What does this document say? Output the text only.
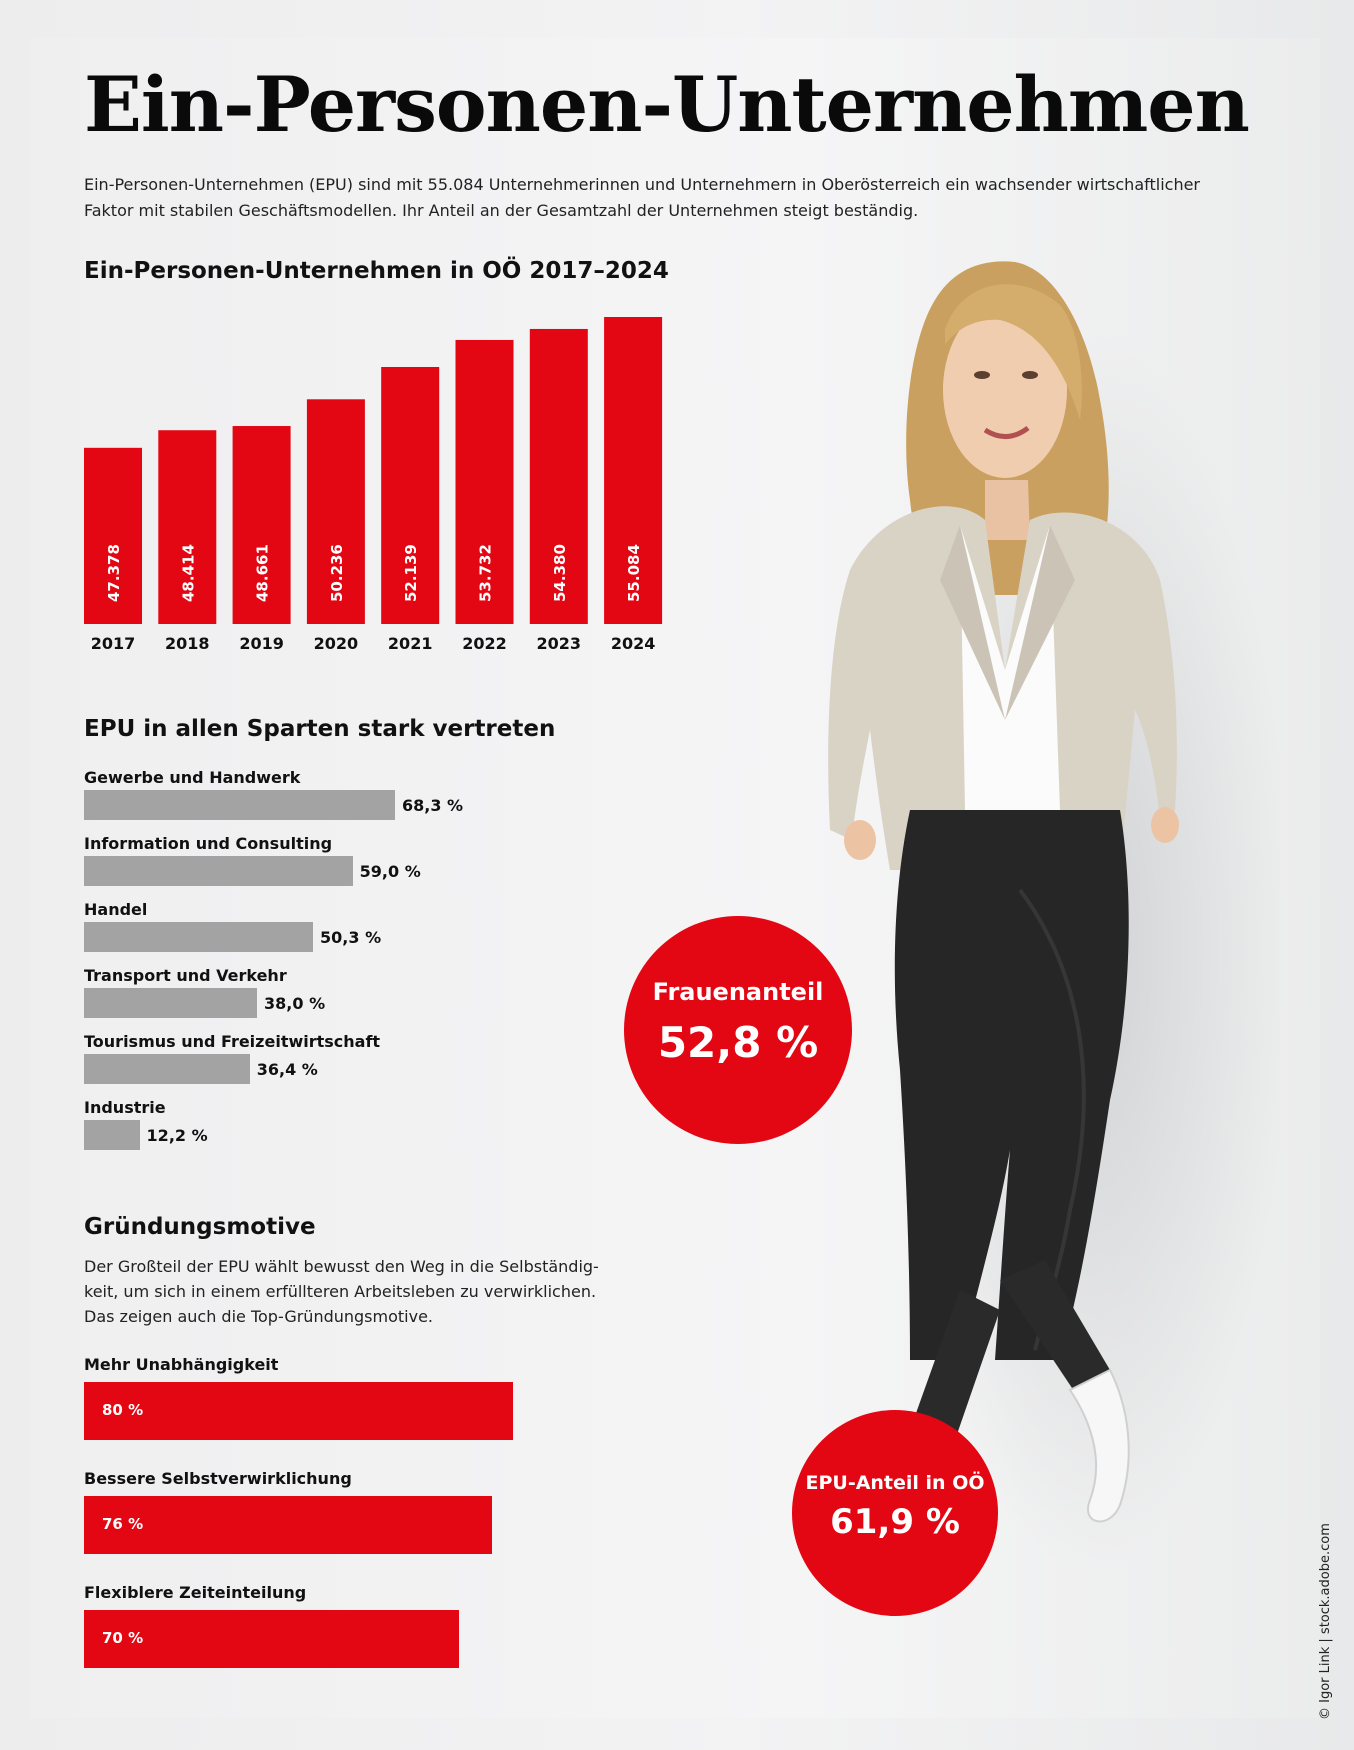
Ein-Personen-Unternehmen

Ein-Personen-Unternehmen (EPU) sind mit 55.084 Unternehmerinnen und Unternehmern in Oberösterreich ein wachsender wirtschaftlicher Faktor mit stabilen Geschäftsmodellen. Ihr Anteil an der Gesamtzahl der Unternehmen steigt beständig.

Ein-Personen-Unternehmen in OÖ 2017–2024
47.378
2017
48.414
2018
48.661
2019
50.236
2020
52.139
2021
53.732
2022
54.380
2023
55.084
2024
EPU in allen Sparten stark vertreten
Gewerbe und Handwerk
68,3 %
Information und Consulting
59,0 %
Handel
50,3 %
Transport und Verkehr
38,0 %
Tourismus und Freizeitwirtschaft
36,4 %
Industrie
12,2 %
Gründungsmotive

Der Großteil der EPU wählt bewusst den Weg in die Selbständig-keit, um sich in einem erfüllteren Arbeitsleben zu verwirklichen. Das zeigen auch die Top-Gründungsmotive.

Mehr Unabhängigkeit
80 %
Bessere Selbstverwirklichung
76 %
Flexiblere Zeiteinteilung
70 %
Frauenanteil
52,8 %
EPU-Anteil in OÖ
61,9 %
© Igor Link | stock.adobe.com
